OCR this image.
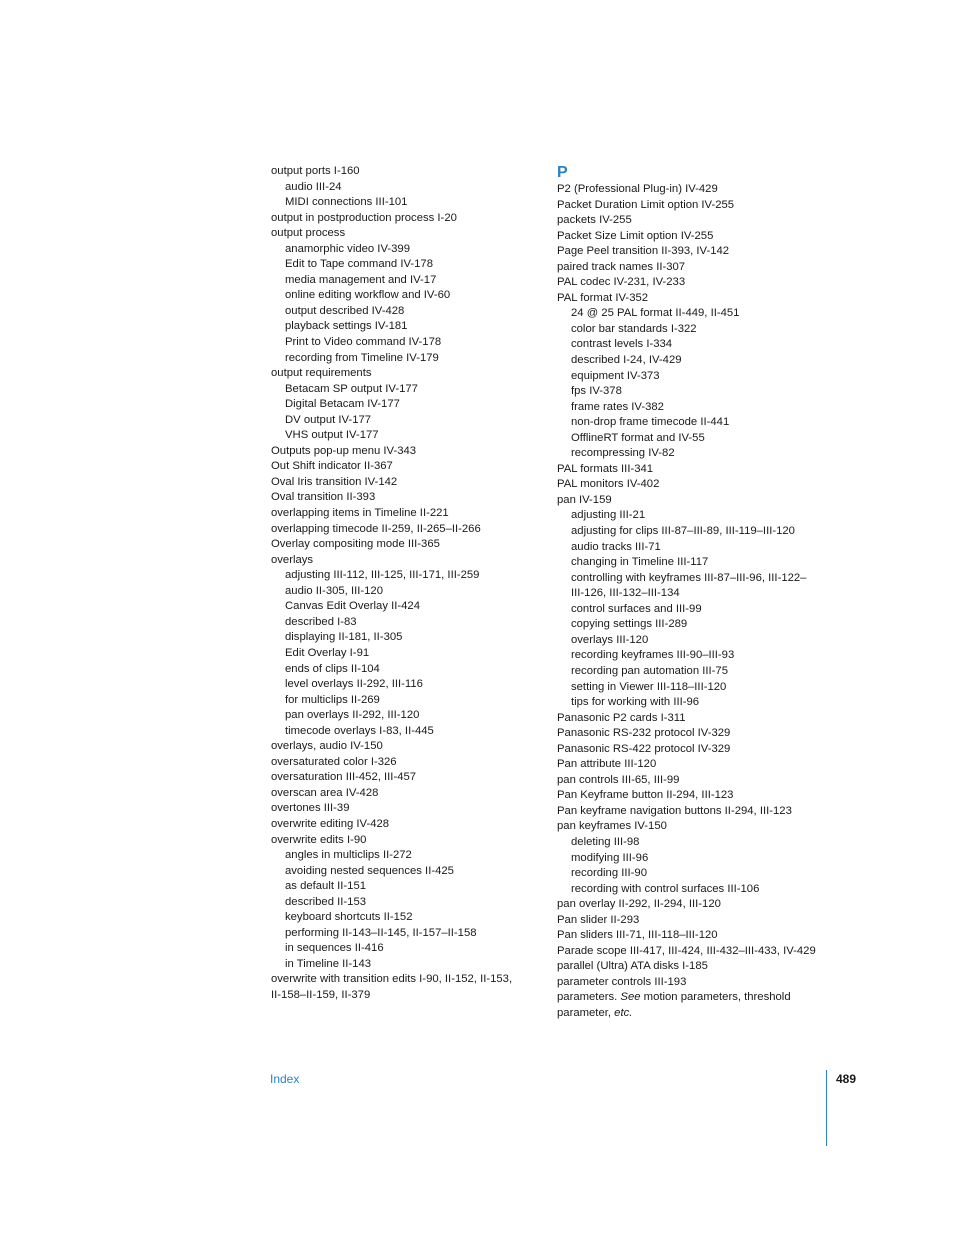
output ports I-160
audio III-24
MIDI connections III-101
output in postproduction process I-20
output process
anamorphic video IV-399
Edit to Tape command IV-178
media management and IV-17
online editing workflow and IV-60
output described IV-428
playback settings IV-181
Print to Video command IV-178
recording from Timeline IV-179
output requirements
Betacam SP output IV-177
Digital Betacam IV-177
DV output IV-177
VHS output IV-177
Outputs pop-up menu IV-343
Out Shift indicator II-367
Oval Iris transition IV-142
Oval transition II-393
overlapping items in Timeline II-221
overlapping timecode II-259, II-265–II-266
Overlay compositing mode III-365
overlays
adjusting III-112, III-125, III-171, III-259
audio II-305, III-120
Canvas Edit Overlay II-424
described I-83
displaying II-181, II-305
Edit Overlay I-91
ends of clips II-104
level overlays II-292, III-116
for multiclips II-269
pan overlays II-292, III-120
timecode overlays I-83, II-445
overlays, audio IV-150
oversaturated color I-326
oversaturation III-452, III-457
overscan area IV-428
overtones III-39
overwrite editing IV-428
overwrite edits I-90
angles in multiclips II-272
avoiding nested sequences II-425
as default II-151
described II-153
keyboard shortcuts II-152
performing II-143–II-145, II-157–II-158
in sequences II-416
in Timeline II-143
overwrite with transition edits I-90, II-152, II-153,
II-158–II-159, II-379
P
P2 (Professional Plug-in) IV-429
Packet Duration Limit option IV-255
packets IV-255
Packet Size Limit option IV-255
Page Peel transition II-393, IV-142
paired track names II-307
PAL codec IV-231, IV-233
PAL format IV-352
24 @ 25 PAL format II-449, II-451
color bar standards I-322
contrast levels I-334
described I-24, IV-429
equipment IV-373
fps IV-378
frame rates IV-382
non-drop frame timecode II-441
OfflineRT format and IV-55
recompressing IV-82
PAL formats III-341
PAL monitors IV-402
pan IV-159
adjusting III-21
adjusting for clips III-87–III-89, III-119–III-120
audio tracks III-71
changing in Timeline III-117
controlling with keyframes III-87–III-96, III-122–
III-126, III-132–III-134
control surfaces and III-99
copying settings III-289
overlays III-120
recording keyframes III-90–III-93
recording pan automation III-75
setting in Viewer III-118–III-120
tips for working with III-96
Panasonic P2 cards I-311
Panasonic RS-232 protocol IV-329
Panasonic RS-422 protocol IV-329
Pan attribute III-120
pan controls III-65, III-99
Pan Keyframe button II-294, III-123
Pan keyframe navigation buttons II-294, III-123
pan keyframes IV-150
deleting III-98
modifying III-96
recording III-90
recording with control surfaces III-106
pan overlay II-292, II-294, III-120
Pan slider II-293
Pan sliders III-71, III-118–III-120
Parade scope III-417, III-424, III-432–III-433, IV-429
parallel (Ultra) ATA disks I-185
parameter controls III-193
parameters. See motion parameters, threshold
parameter, etc.
Index	489
